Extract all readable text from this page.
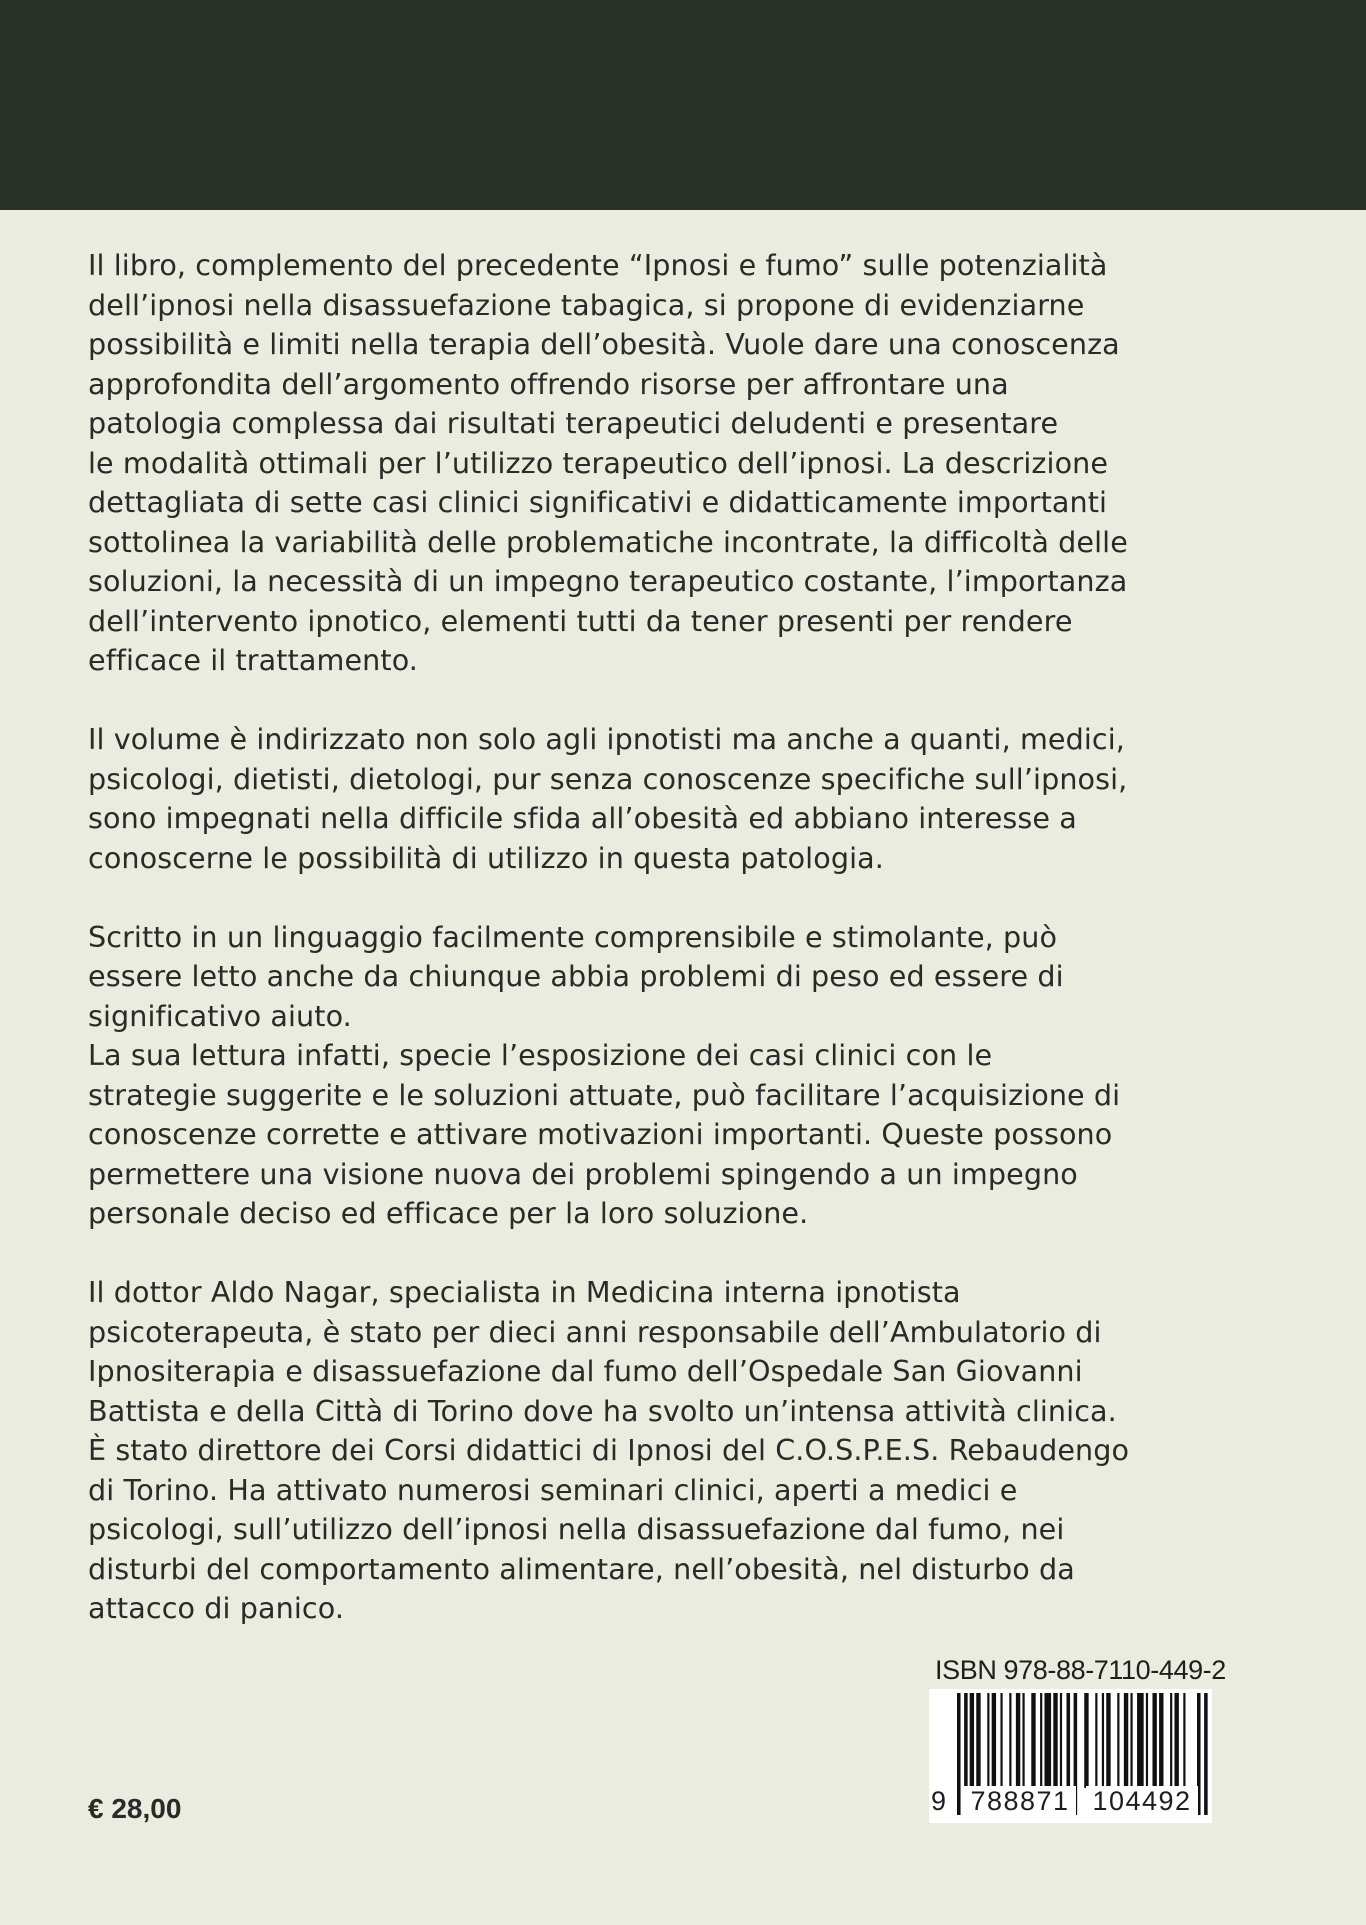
Il libro, complemento del precedente “Ipnosi e fumo” sulle potenzialità
dell’ipnosi nella disassuefazione tabagica, si propone di evidenziarne
possibilità e limiti nella terapia dell’obesità. Vuole dare una conoscenza
approfondita dell’argomento offrendo risorse per affrontare una
patologia complessa dai risultati terapeutici deludenti e presentare
le modalità ottimali per l’utilizzo terapeutico dell’ipnosi. La descrizione
dettagliata di sette casi clinici significativi e didatticamente importanti
sottolinea la variabilità delle problematiche incontrate, la difficoltà delle
soluzioni, la necessità di un impegno terapeutico costante, l’importanza
dell’intervento ipnotico, elementi tutti da tener presenti per rendere
efficace il trattamento.

Il volume è indirizzato non solo agli ipnotisti ma anche a quanti, medici,
psicologi, dietisti, dietologi, pur senza conoscenze specifiche sull’ipnosi,
sono impegnati nella difficile sfida all’obesità ed abbiano interesse a
conoscerne le possibilità di utilizzo in questa patologia.

Scritto in un linguaggio facilmente comprensibile e stimolante, può
essere letto anche da chiunque abbia problemi di peso ed essere di
significativo aiuto.
La sua lettura infatti, specie l’esposizione dei casi clinici con le
strategie suggerite e le soluzioni attuate, può facilitare l’acquisizione di
conoscenze corrette e attivare motivazioni importanti. Queste possono
permettere una visione nuova dei problemi spingendo a un impegno
personale deciso ed efficace per la loro soluzione.

Il dottor Aldo Nagar, specialista in Medicina interna ipnotista
psicoterapeuta, è stato per dieci anni responsabile dell’Ambulatorio di
Ipnositerapia e disassuefazione dal fumo dell’Ospedale San Giovanni
Battista e della Città di Torino dove ha svolto un’intensa attività clinica.
È stato direttore dei Corsi didattici di Ipnosi del C.O.S.P.E.S. Rebaudengo
di Torino. Ha attivato numerosi seminari clinici, aperti a medici e
psicologi, sull’utilizzo dell’ipnosi nella disassuefazione dal fumo, nei
disturbi del comportamento alimentare, nell’obesità, nel disturbo da
attacco di panico.

€ 28,00
ISBN 978-88-7110-449-2
9 788871 104492
